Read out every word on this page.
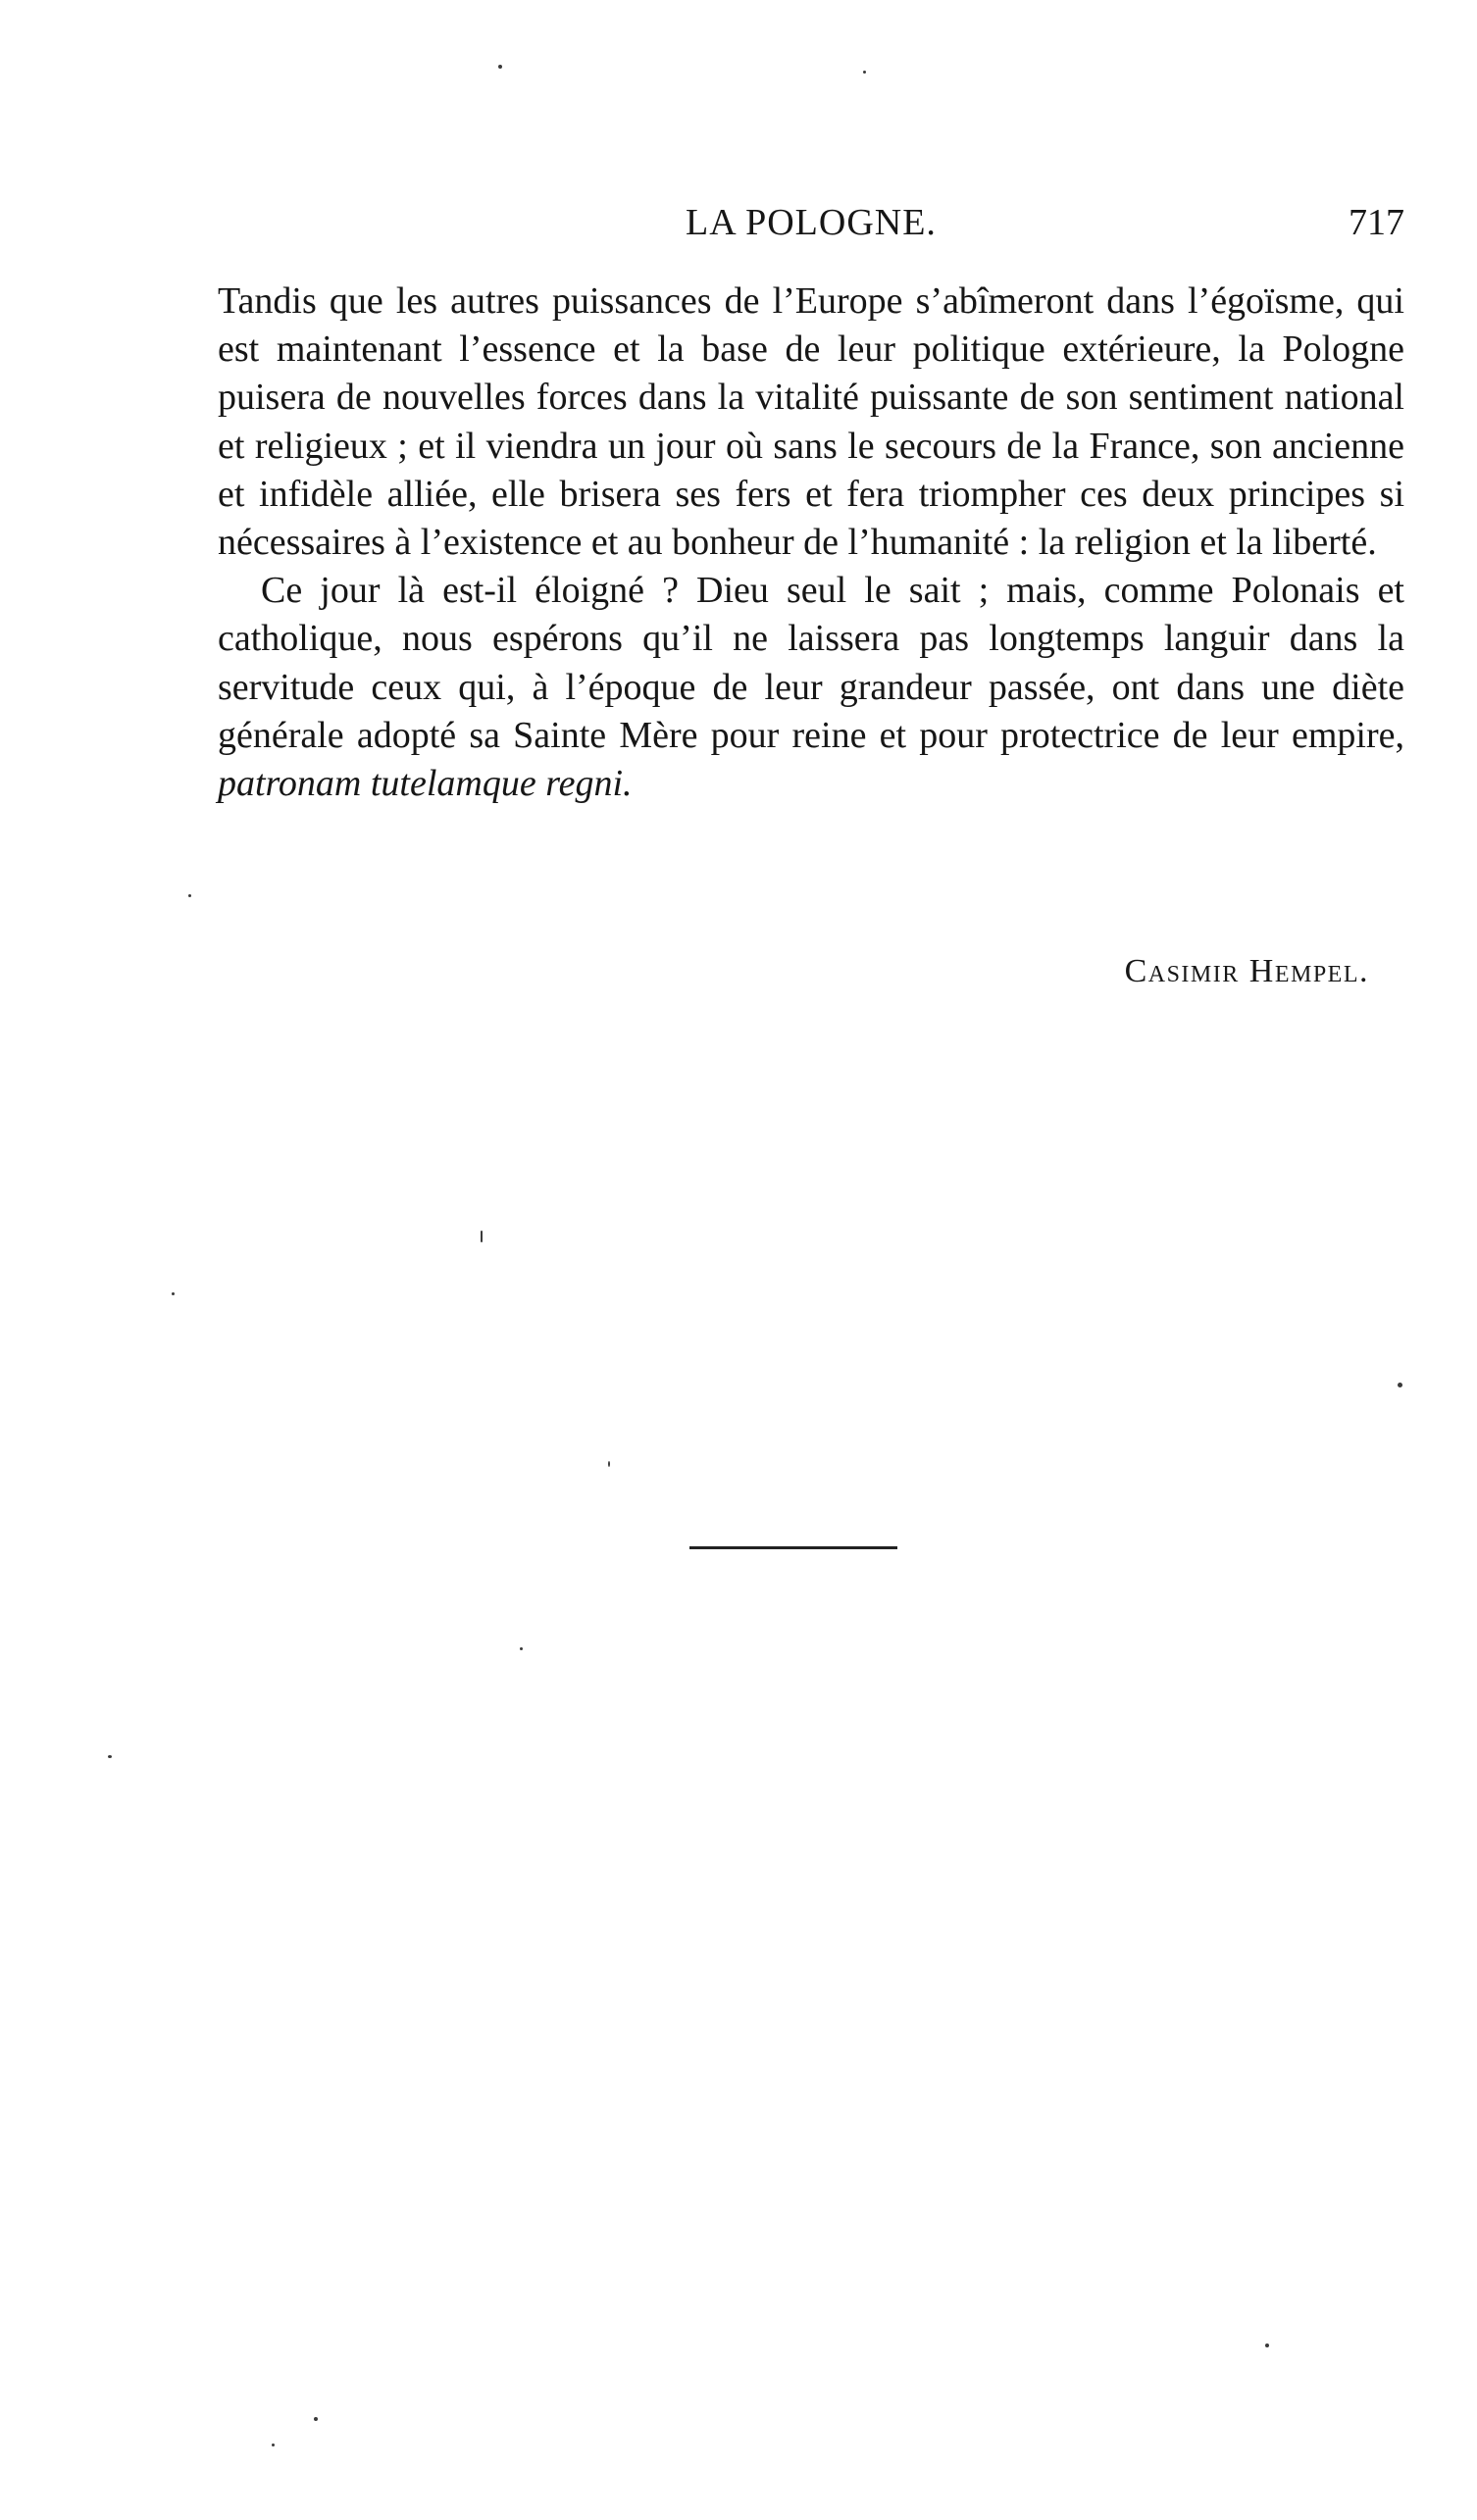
LA POLOGNE.	717

Tandis que les autres puissances de l’Europe s’abîmeront dans l’égoïsme, qui est maintenant l’essence et la base de leur politique extérieure, la Pologne puisera de nouvelles forces dans la vitalité puissante de son sentiment national et religieux ; et il viendra un jour où sans le secours de la France, son ancienne et infidèle alliée, elle brisera ses fers et fera triompher ces deux principes si nécessaires à l’existence et au bonheur de l’humanité : la religion et la liberté.

Ce jour là est-il éloigné ? Dieu seul le sait ; mais, comme Polonais et catholique, nous espérons qu’il ne laissera pas longtemps languir dans la servitude ceux qui, à l’époque de leur grandeur passée, ont dans une diète générale adopté sa Sainte Mère pour reine et pour protectrice de leur empire, patronam tutelamque regni.

Casimir Hempel.
